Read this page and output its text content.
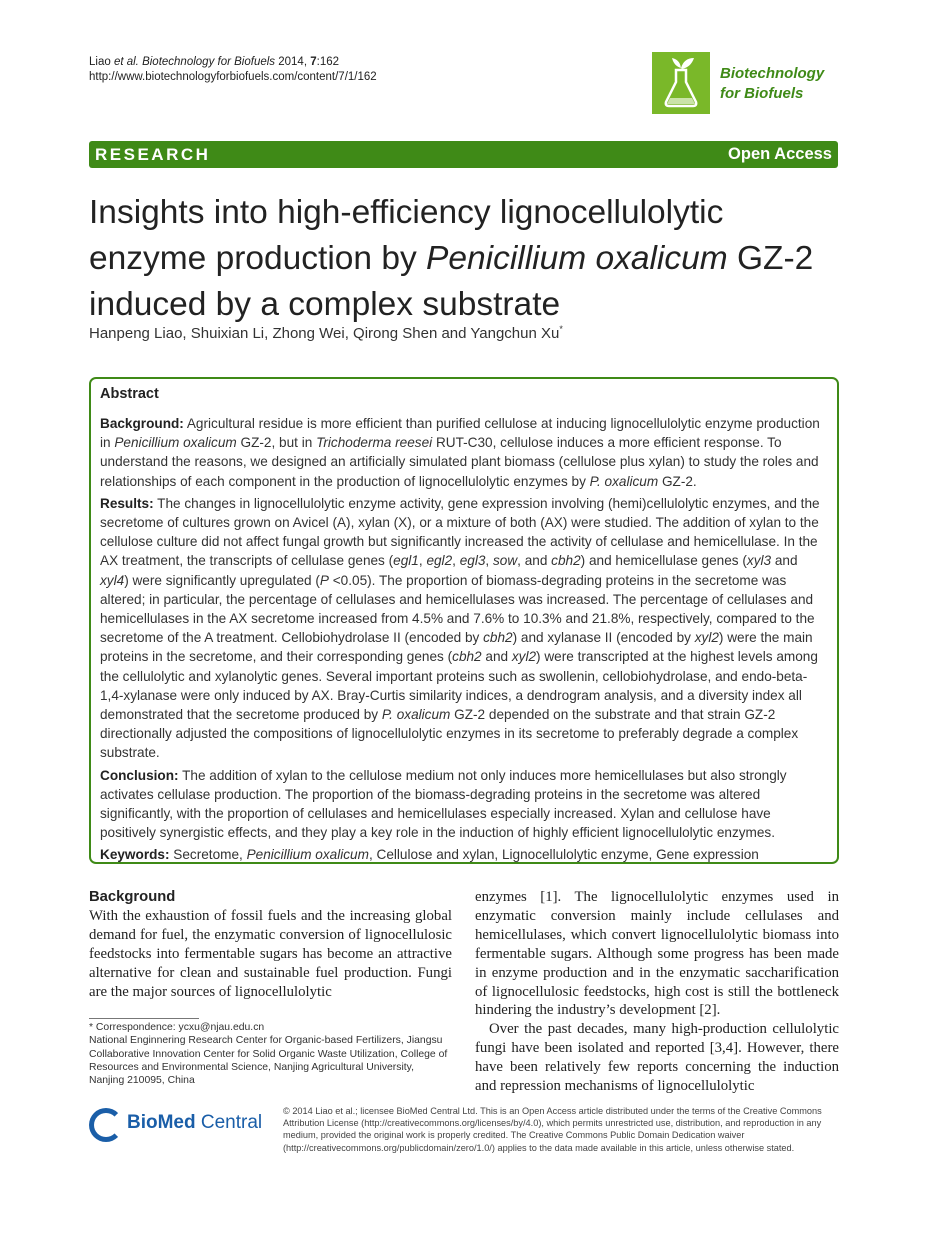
Liao et al. Biotechnology for Biofuels 2014, 7:162
http://www.biotechnologyforbiofuels.com/content/7/1/162	Biotechnology
for Biofuels
RESEARCH	Open Access
Insights into high-efficiency lignocellulolytic enzyme production by Penicillium oxalicum GZ-2 induced by a complex substrate
Hanpeng Liao, Shuixian Li, Zhong Wei, Qirong Shen and Yangchun Xu*
Abstract

Background: Agricultural residue is more efficient than purified cellulose at inducing lignocellulolytic enzyme production in Penicillium oxalicum GZ-2, but in Trichoderma reesei RUT-C30, cellulose induces a more efficient response. To understand the reasons, we designed an artificially simulated plant biomass (cellulose plus xylan) to study the roles and relationships of each component in the production of lignocellulolytic enzymes by P. oxalicum GZ-2.

Results: The changes in lignocellulolytic enzyme activity, gene expression involving (hemi)cellulolytic enzymes, and the secretome of cultures grown on Avicel (A), xylan (X), or a mixture of both (AX) were studied. The addition of xylan to the cellulose culture did not affect fungal growth but significantly increased the activity of cellulase and hemicellulase. In the AX treatment, the transcripts of cellulase genes (egl1, egl2, egl3, sow, and cbh2) and hemicellulase genes (xyl3 and xyl4) were significantly upregulated (P <0.05). The proportion of biomass-degrading proteins in the secretome was altered; in particular, the percentage of cellulases and hemicellulases was increased. The percentage of cellulases and hemicellulases in the AX secretome increased from 4.5% and 7.6% to 10.3% and 21.8%, respectively, compared to the secretome of the A treatment. Cellobiohydrolase II (encoded by cbh2) and xylanase II (encoded by xyl2) were the main proteins in the secretome, and their corresponding genes (cbh2 and xyl2) were transcripted at the highest levels among the cellulolytic and xylanolytic genes. Several important proteins such as swollenin, cellobiohydrolase, and endo-beta-1,4-xylanase were only induced by AX. Bray-Curtis similarity indices, a dendrogram analysis, and a diversity index all demonstrated that the secretome produced by P. oxalicum GZ-2 depended on the substrate and that strain GZ-2 directionally adjusted the compositions of lignocellulolytic enzymes in its secretome to preferably degrade a complex substrate.

Conclusion: The addition of xylan to the cellulose medium not only induces more hemicellulases but also strongly activates cellulase production. The proportion of the biomass-degrading proteins in the secretome was altered significantly, with the proportion of cellulases and hemicellulases especially increased. Xylan and cellulose have positively synergistic effects, and they play a key role in the induction of highly efficient lignocellulolytic enzymes.

Keywords: Secretome, Penicillium oxalicum, Cellulose and xylan, Lignocellulolytic enzyme, Gene expression

Background

With the exhaustion of fossil fuels and the increasing global demand for fuel, the enzymatic conversion of lignocellulosic feedstocks into fermentable sugars has become an attractive alternative for clean and sustainable fuel production. Fungi are the major sources of lignocellulolytic

enzymes [1]. The lignocellulolytic enzymes used in enzymatic conversion mainly include cellulases and hemicellulases, which convert lignocellulolytic biomass into fermentable sugars. Although some progress has been made in enzyme production and in the enzymatic saccharification of lignocellulosic feedstocks, high cost is still the bottleneck hindering the industry’s development [2].

Over the past decades, many high-production cellulolytic fungi have been isolated and reported [3,4]. However, there have been relatively few reports concerning the induction and repression mechanisms of lignocellulolytic

* Correspondence: ycxu@njau.edu.cn
National Enginnering Research Center for Organic-based Fertilizers, Jiangsu Collaborative Innovation Center for Solid Organic Waste Utilization, College of Resources and Environmental Science, Nanjing Agricultural University, Nanjing 210095, China
BioMed Central
© 2014 Liao et al.; licensee BioMed Central Ltd. This is an Open Access article distributed under the terms of the Creative Commons Attribution License (http://creativecommons.org/licenses/by/4.0), which permits unrestricted use, distribution, and reproduction in any medium, provided the original work is properly credited. The Creative Commons Public Domain Dedication waiver (http://creativecommons.org/publicdomain/zero/1.0/) applies to the data made available in this article, unless otherwise stated.
